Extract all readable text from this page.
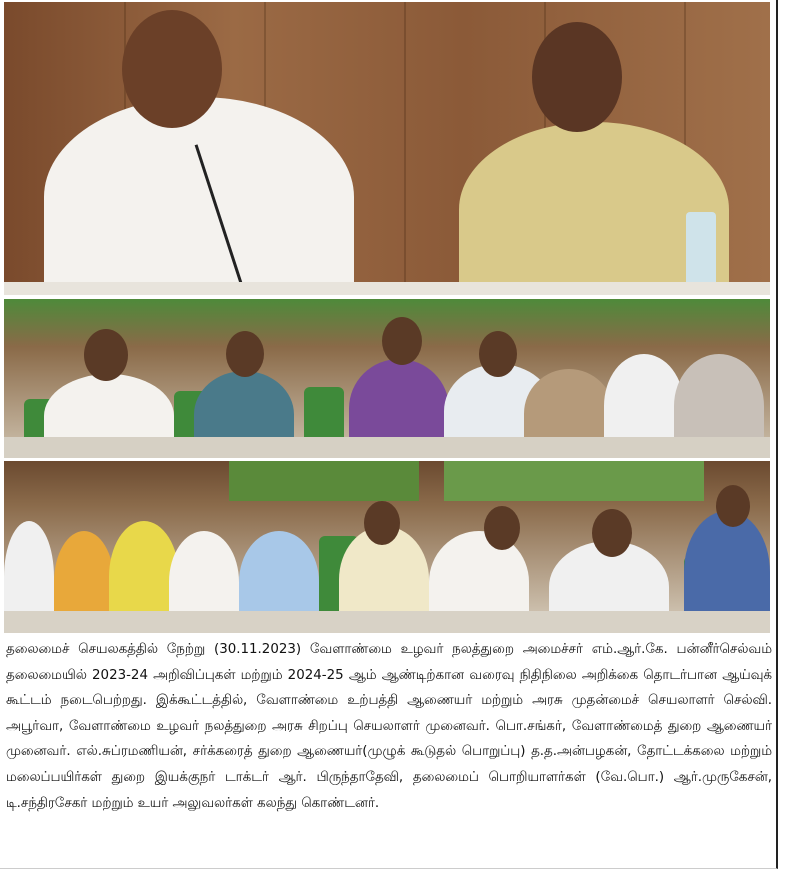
தலைமைச் செயலகத்தில் நேற்று (30.11.2023) வேளாண்மை உழவர் நலத்துறை அமைச்சர் எம்.ஆர்.கே. பன்னீர்செல்வம் தலைமையில் 2023-24 அறிவிப்புகள் மற்றும் 2024-25 ஆம் ஆண்டிற்கான வரைவு நிதிநிலை அறிக்கை தொடர்பான ஆய்வுக் கூட்டம் நடைபெற்றது. இக்கூட்டத்தில், வேளாண்மை உற்பத்தி ஆணையர் மற்றும் அரசு முதன்மைச் செயலாளர் செல்வி. அபூர்வா, வேளாண்மை உழவர் நலத்துறை அரசு சிறப்பு செயலாளர் முனைவர். பொ.சங்கர், வேளாண்மைத் துறை ஆணையர் முனைவர். எல்.சுப்ரமணியன், சர்க்கரைத் துறை ஆணையர்(முழுக் கூடுதல் பொறுப்பு) த.த.அன்பழகன், தோட்டக்கலை மற்றும் மலைப்பயிர்கள் துறை இயக்குநர் டாக்டர் ஆர். பிருந்தாதேவி, தலைமைப் பொறியாளர்கள் (வே.பொ.) ஆர்.முருகேசன், டி.சந்திரசேகர் மற்றும் உயர் அலுவலர்கள் கலந்து கொண்டனர்.
